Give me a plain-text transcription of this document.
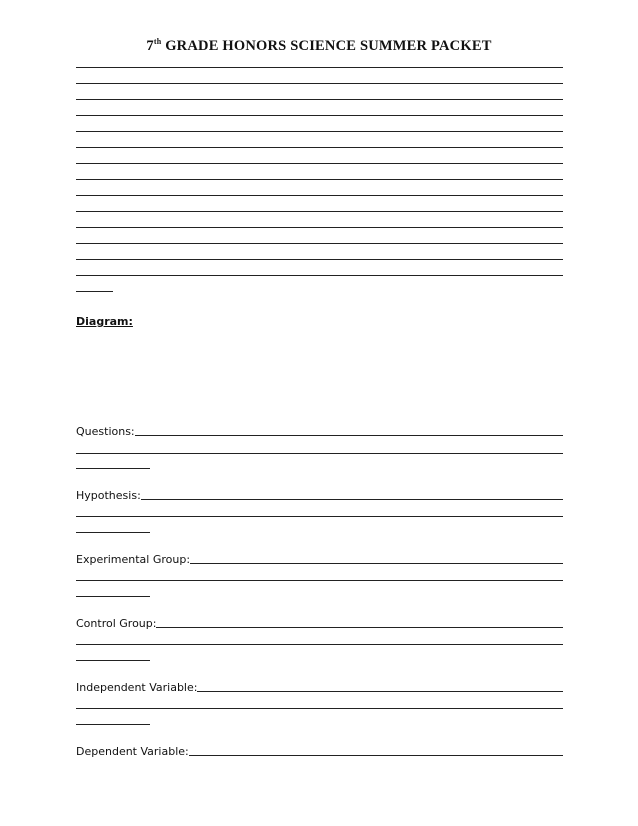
7th GRADE HONORS SCIENCE SUMMER PACKET
Diagram:
Questions:
Hypothesis:
Experimental Group:
Control Group:
Independent Variable:
Dependent Variable:
